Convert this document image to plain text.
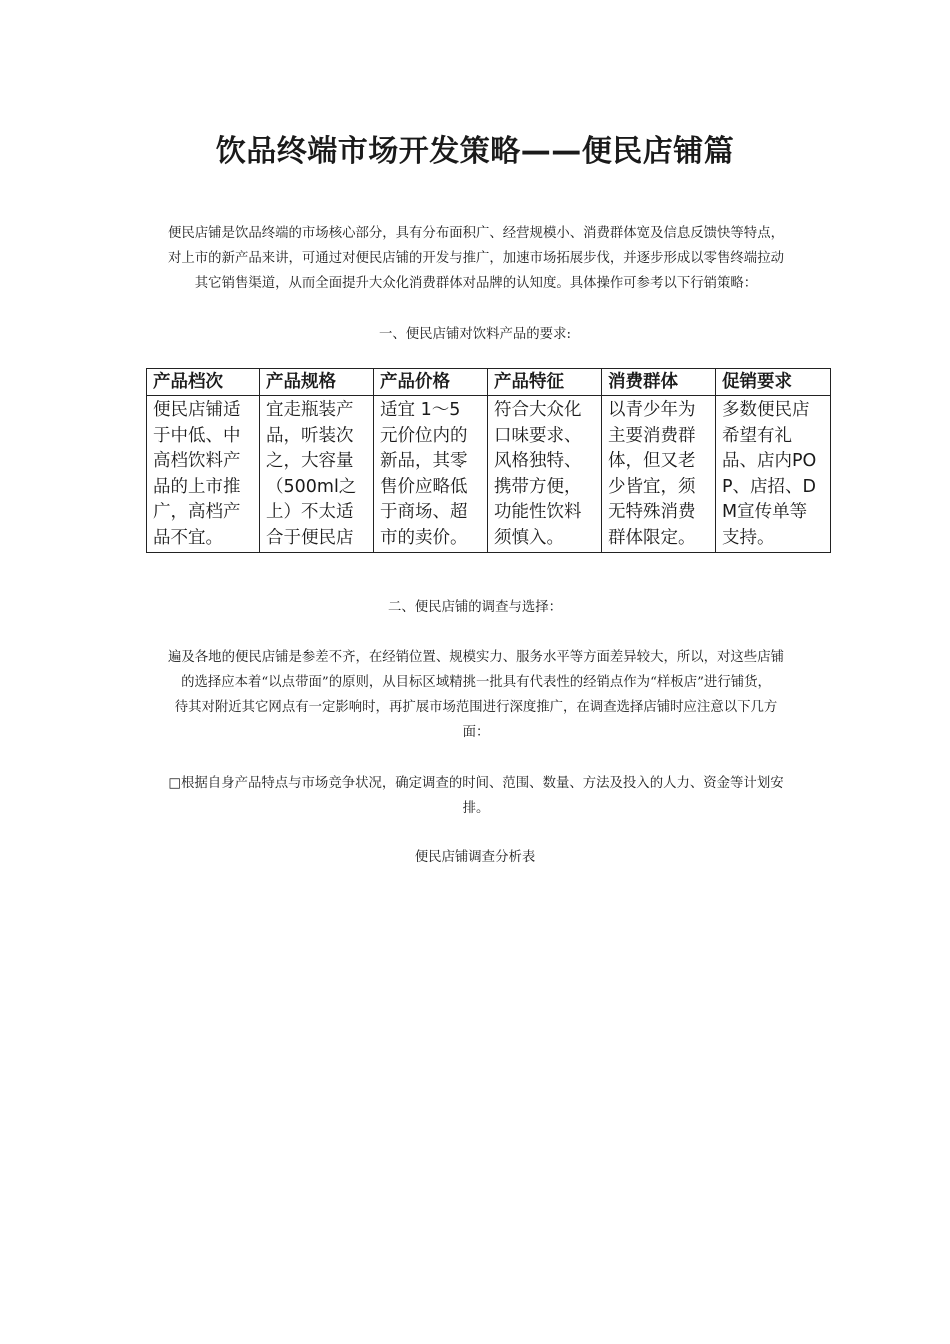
饮品终端市场开发策略——便民店铺篇
便民店铺是饮品终端的市场核心部分，具有分布面积广、经营规模小、消费群体宽及信息反馈快等特点，
对上市的新产品来讲，可通过对便民店铺的开发与推广，加速市场拓展步伐，并逐步形成以零售终端拉动
其它销售渠道，从而全面提升大众化消费群体对品牌的认知度。具体操作可参考以下行销策略：
一、便民店铺对饮料产品的要求:
产品档次	产品规格	产品价格	产品特征	消费群体	促销要求
便民店铺适于中低、中高档饮料产品的上市推广，高档产品不宜。	宜走瓶装产品，听装次之，大容量（500ml之上）不太适合于便民店	适宜 1～5 元价位内的新品，其零售价应略低于商场、超市的卖价。	符合大众化口味要求、风格独特、携带方便，功能性饮料须慎入。	以青少年为主要消费群体，但又老少皆宜，须无特殊消费群体限定。	多数便民店希望有礼品、店内POP、店招、DM宣传单等支持。
二、便民店铺的调查与选择：
遍及各地的便民店铺是参差不齐，在经销位置、规模实力、服务水平等方面差异较大，所以，对这些店铺
的选择应本着“以点带面”的原则，从目标区域精挑一批具有代表性的经销点作为“样板店”进行铺货，
待其对附近其它网点有一定影响时，再扩展市场范围进行深度推广，在调查选择店铺时应注意以下几方
面：
□根据自身产品特点与市场竞争状况，确定调查的时间、范围、数量、方法及投入的人力、资金等计划安
排。
便民店铺调查分析表
